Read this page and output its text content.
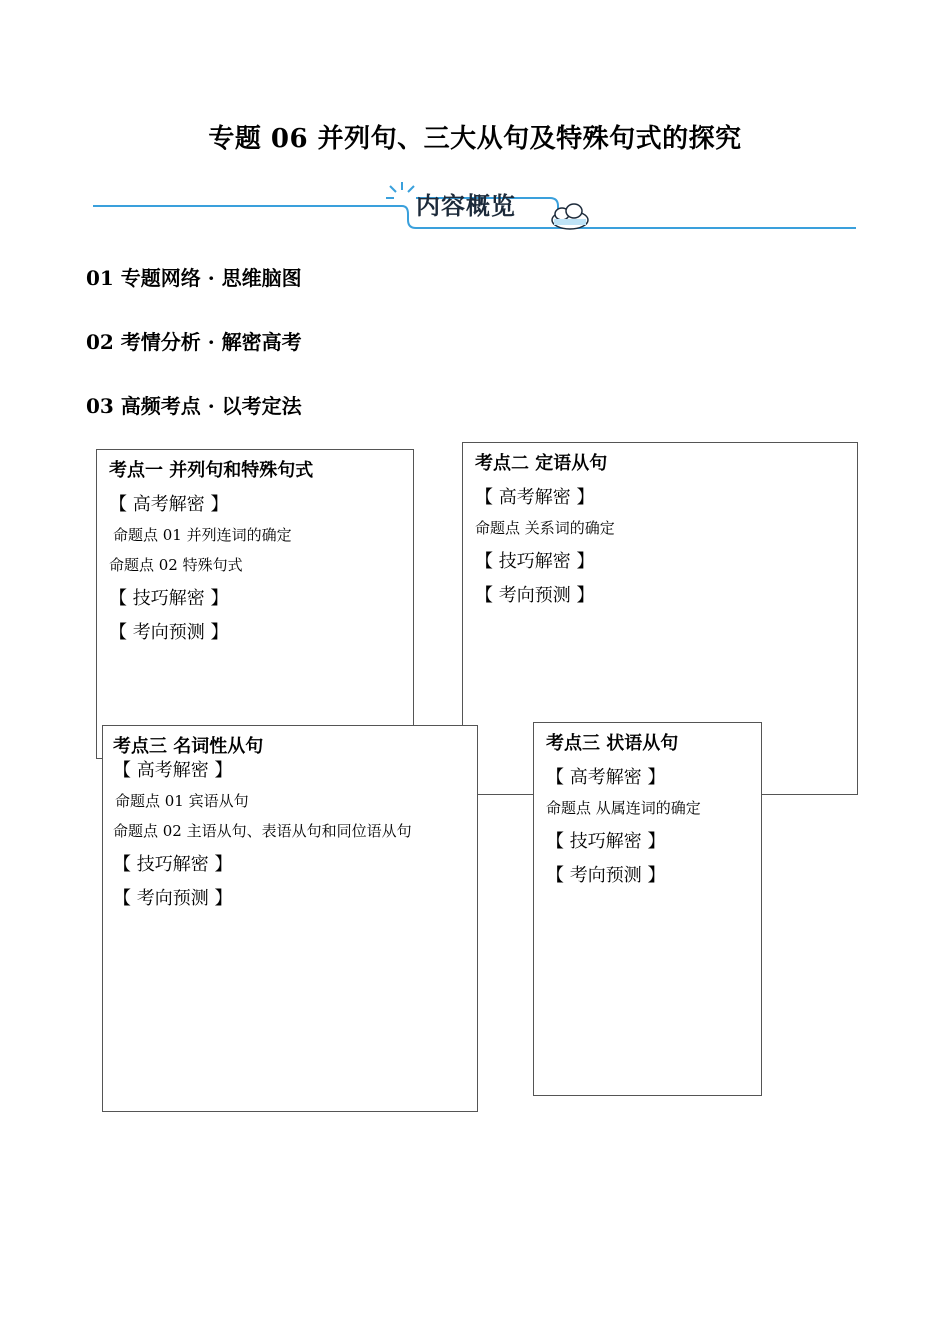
专题 06 并列句、三大从句及特殊句式的探究
内容概览
01 专题网络 · 思维脑图
02 考情分析 · 解密高考
03 高频考点 · 以考定法
考点一 并列句和特殊句式
【 高考解密 】
命题点 01 并列连词的确定
命题点 02 特殊句式
【 技巧解密 】
【 考向预测 】
考点二 定语从句
【 高考解密 】
命题点 关系词的确定
【 技巧解密 】
【 考向预测 】
考点三 名词性从句
【 高考解密 】
命题点 01 宾语从句
命题点 02 主语从句、表语从句和同位语从句
【 技巧解密 】
【 考向预测 】
考点三 状语从句
【 高考解密 】
命题点 从属连词的确定
【 技巧解密 】
【 考向预测 】
